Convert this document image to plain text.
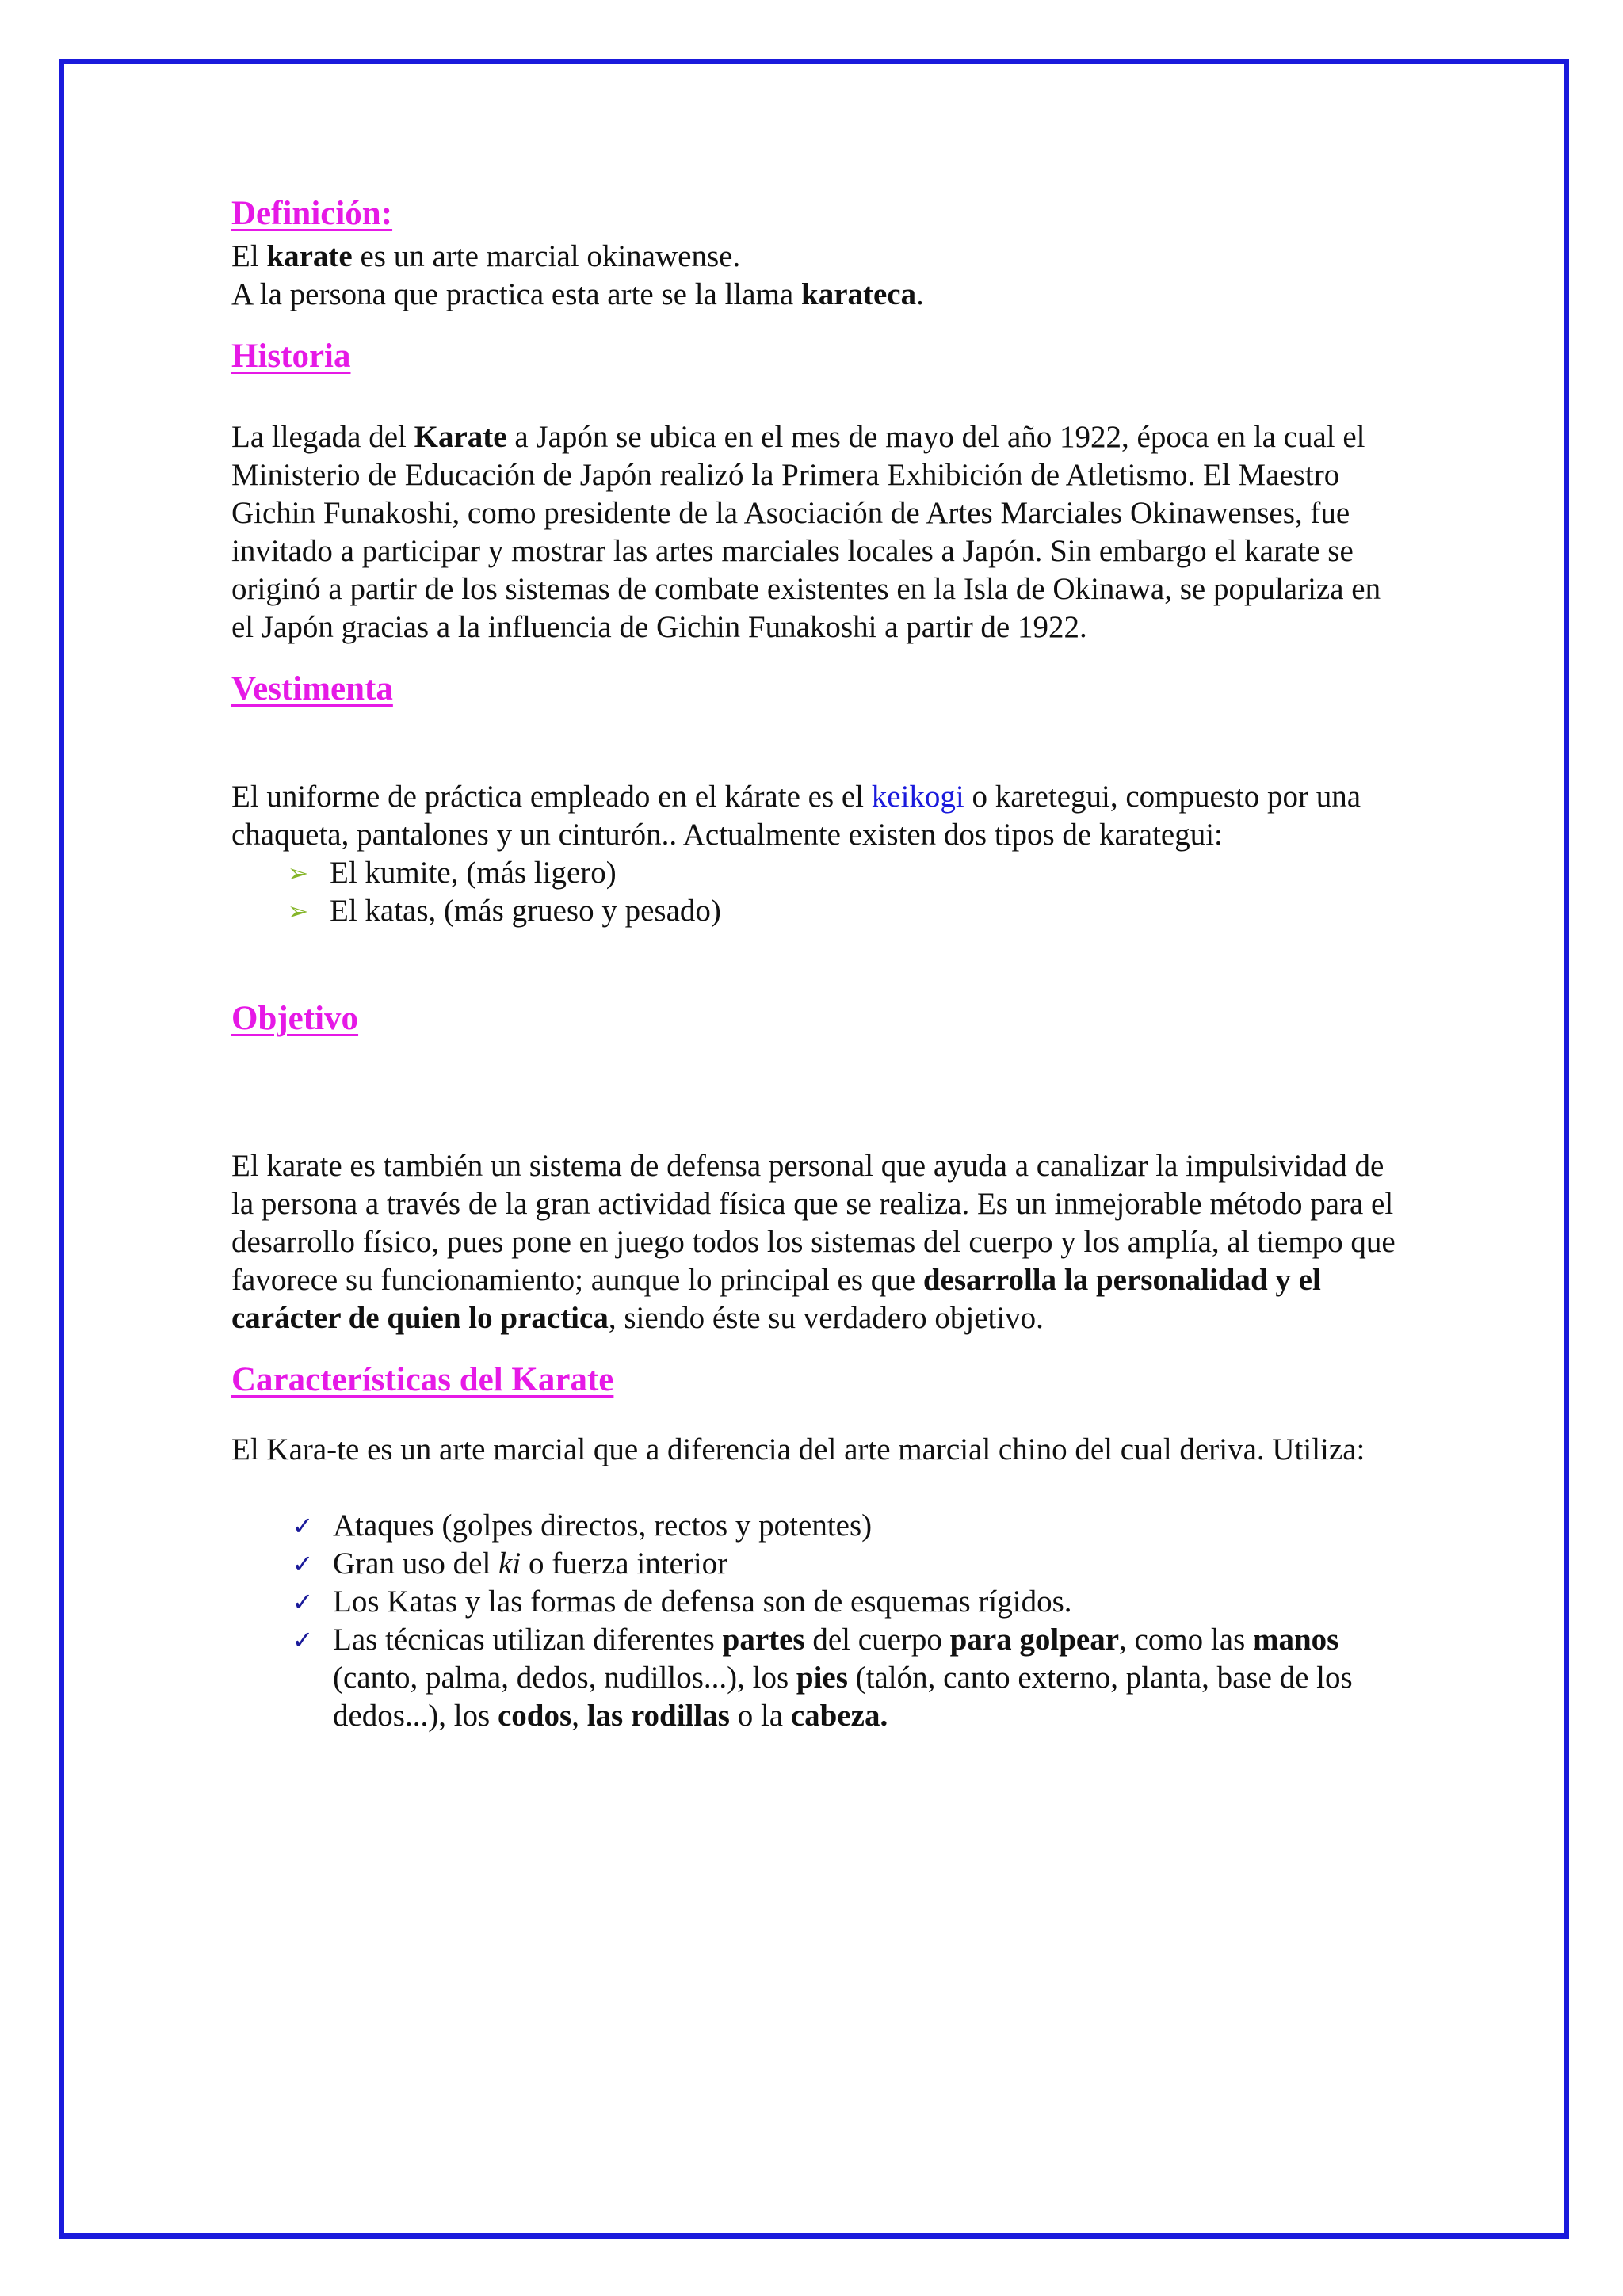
Definición:

El karate es un arte marcial okinawense.

A la persona que practica esta arte se la llama karateca.

Historia

La llegada del Karate a Japón se ubica en el mes de mayo del año 1922, época en la cual el Ministerio de Educación de Japón realizó la Primera Exhibición de Atletismo. El Maestro Gichin Funakoshi, como presidente de la Asociación de Artes Marciales Okinawenses, fue invitado a participar y mostrar las artes marciales locales a Japón. Sin embargo el karate se originó a partir de los sistemas de combate existentes en la Isla de Okinawa, se populariza en el Japón gracias a la influencia de Gichin Funakoshi a partir de 1922.

Vestimenta

El uniforme de práctica empleado en el kárate es el keikogi o karetegui, compuesto por una chaqueta, pantalones y un cinturón.. Actualmente existen dos tipos de karategui:

➢ El kumite, (más ligero)
➢ El katas, (más grueso y pesado)
Objetivo

El karate es también un sistema de defensa personal que ayuda a canalizar la impulsividad de la persona a través de la gran actividad física que se realiza. Es un inmejorable método para el desarrollo físico, pues pone en juego todos los sistemas del cuerpo y los amplía, al tiempo que favorece su funcionamiento; aunque lo principal es que desarrolla la personalidad y el carácter de quien lo practica, siendo éste su verdadero objetivo.

Características del Karate

El Kara-te es un arte marcial que a diferencia del arte marcial chino del cual deriva. Utiliza:

✓ Ataques (golpes directos, rectos y potentes)
✓ Gran uso del ki o fuerza interior
✓ Los Katas y las formas de defensa son de esquemas rígidos.
✓ Las técnicas utilizan diferentes partes del cuerpo para golpear, como las manos (canto, palma, dedos, nudillos...), los pies (talón, canto externo, planta, base de los dedos...), los codos, las rodillas o la cabeza.
